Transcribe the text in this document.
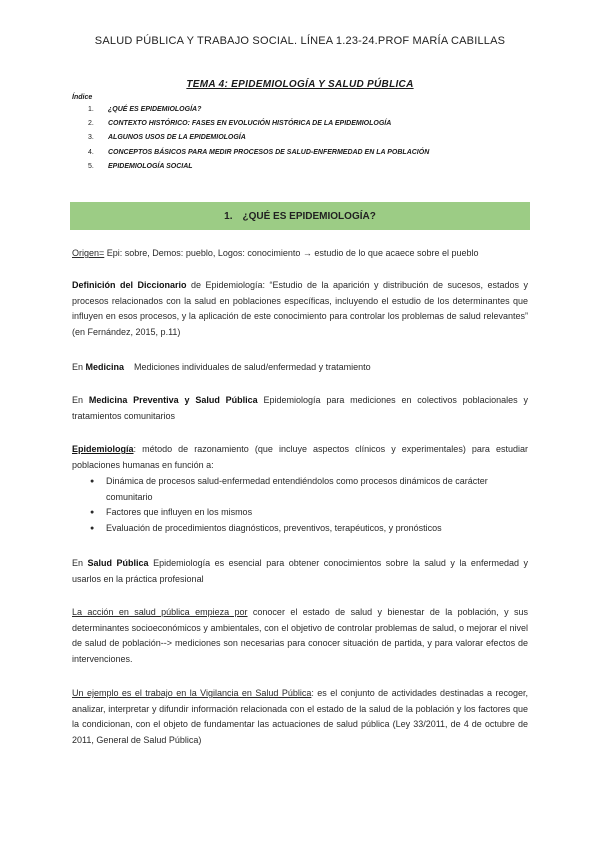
SALUD PÚBLICA Y TRABAJO SOCIAL. LÍNEA 1.23-24.PROF MARÍA CABILLAS
TEMA 4: EPIDEMIOLOGÍA Y SALUD PÚBLICA
Índice
1.	¿QUÉ ES EPIDEMIOLOGÍA?
2.	CONTEXTO HISTÓRICO: FASES EN EVOLUCIÓN HISTÓRICA DE LA EPIDEMIOLOGÍA
3.	ALGUNOS USOS DE LA EPIDEMIOLOGÍA
4.	CONCEPTOS BÁSICOS PARA MEDIR PROCESOS DE SALUD-ENFERMEDAD EN LA POBLACIÓN
5.	EPIDEMIOLOGÍA SOCIAL
1. ¿QUÉ ES EPIDEMIOLOGÍA?

Origen= Epi: sobre, Demos: pueblo, Logos: conocimiento → estudio de lo que acaece sobre el pueblo

Definición del Diccionario de Epidemiología: “Estudio de la aparición y distribución de sucesos, estados y procesos relacionados con la salud en poblaciones específicas, incluyendo el estudio de los determinantes que influyen en esos procesos, y la aplicación de este conocimiento para controlar los problemas de salud relevantes” (en Fernández, 2015, p.11)

En Medicina    Mediciones individuales de salud/enfermedad y tratamiento

En Medicina Preventiva y Salud Pública Epidemiología para mediciones en colectivos poblacionales y tratamientos comunitarios

Epidemiología: método de razonamiento (que incluye aspectos clínicos y experimentales) para estudiar poblaciones humanas en función a:

● Dinámica de procesos salud-enfermedad entendiéndolos como procesos dinámicos de carácter comunitario
● Factores que influyen en los mismos
● Evaluación de procedimientos diagnósticos, preventivos, terapéuticos, y pronósticos

En Salud Pública Epidemiología es esencial para obtener conocimientos sobre la salud y la enfermedad y usarlos en la práctica profesional

La acción en salud pública empieza por conocer el estado de salud y bienestar de la población, y sus determinantes socioeconómicos y ambientales, con el objetivo de controlar problemas de salud, o mejorar el nivel de salud de población--> mediciones son necesarias para conocer situación de partida, y para valorar efectos de intervenciones.

Un ejemplo es el trabajo en la Vigilancia en Salud Pública: es el conjunto de actividades destinadas a recoger, analizar, interpretar y difundir información relacionada con el estado de la salud de la población y los factores que la condicionan, con el objeto de fundamentar las actuaciones de salud pública (Ley 33/2011, de 4 de octubre de 2011, General de Salud Pública)
